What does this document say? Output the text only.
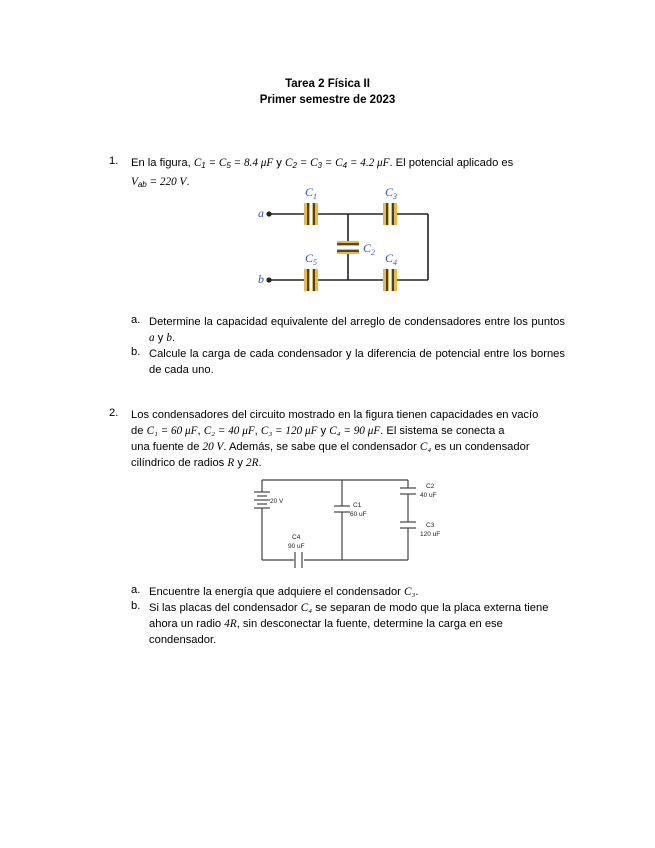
Tarea 2 Física II
Primer semestre de 2023
1. En la figura, $C_1 = C_5 = 8.4$ μF y $C_2 = C_3 = C_4 = 4.2$ μF. El potencial aplicado es
$V_{ab} = 220$ V.
a
b
$C_1$	$C_3$
$C_2$
$C_5$	$C_4$
a. Determine la capacidad equivalente del arreglo de condensadores entre los puntos a y b.
b. Calcule la carga de cada condensador y la diferencia de potencial entre los bornes de cada uno.
2. Los condensadores del circuito mostrado en la figura tienen capacidades en vacío
de C₁ = 60 μF, C₂ = 40 μF, C₃ = 120 μF y C₄ = 90 μF. El sistema se conecta a
una fuente de 20 V. Además, se sabe que el condensador C₄ es un condensador
cilíndrico de radios R y 2R.
20 V
C1
60 uF
C2
40 uF
C3
120 uF
C4
90 uF
a. Encuentre la energía que adquiere el condensador C₃.
b. Si las placas del condensador C₄ se separan de modo que la placa externa tiene
ahora un radio 4R, sin desconectar la fuente, determine la carga en ese
condensador.
